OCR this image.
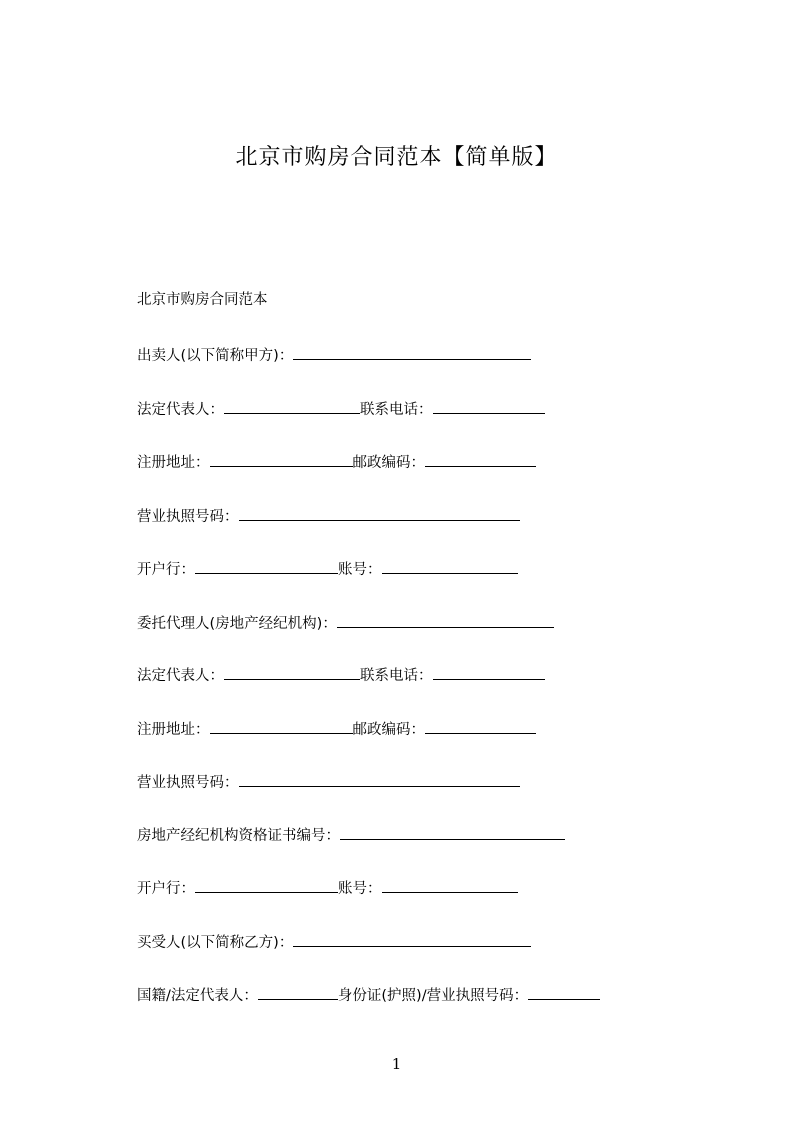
北京市购房合同范本【简单版】
北京市购房合同范本
出卖人(以下简称甲方)：
法定代表人：	联系电话：
注册地址：	邮政编码：
营业执照号码：
开户行：	账号：
委托代理人(房地产经纪机构)：
法定代表人：	联系电话：
注册地址：	邮政编码：
营业执照号码：
房地产经纪机构资格证书编号：
开户行：	账号：
买受人(以下简称乙方)：
国籍/法定代表人：	身份证(护照)/营业执照号码：
1
